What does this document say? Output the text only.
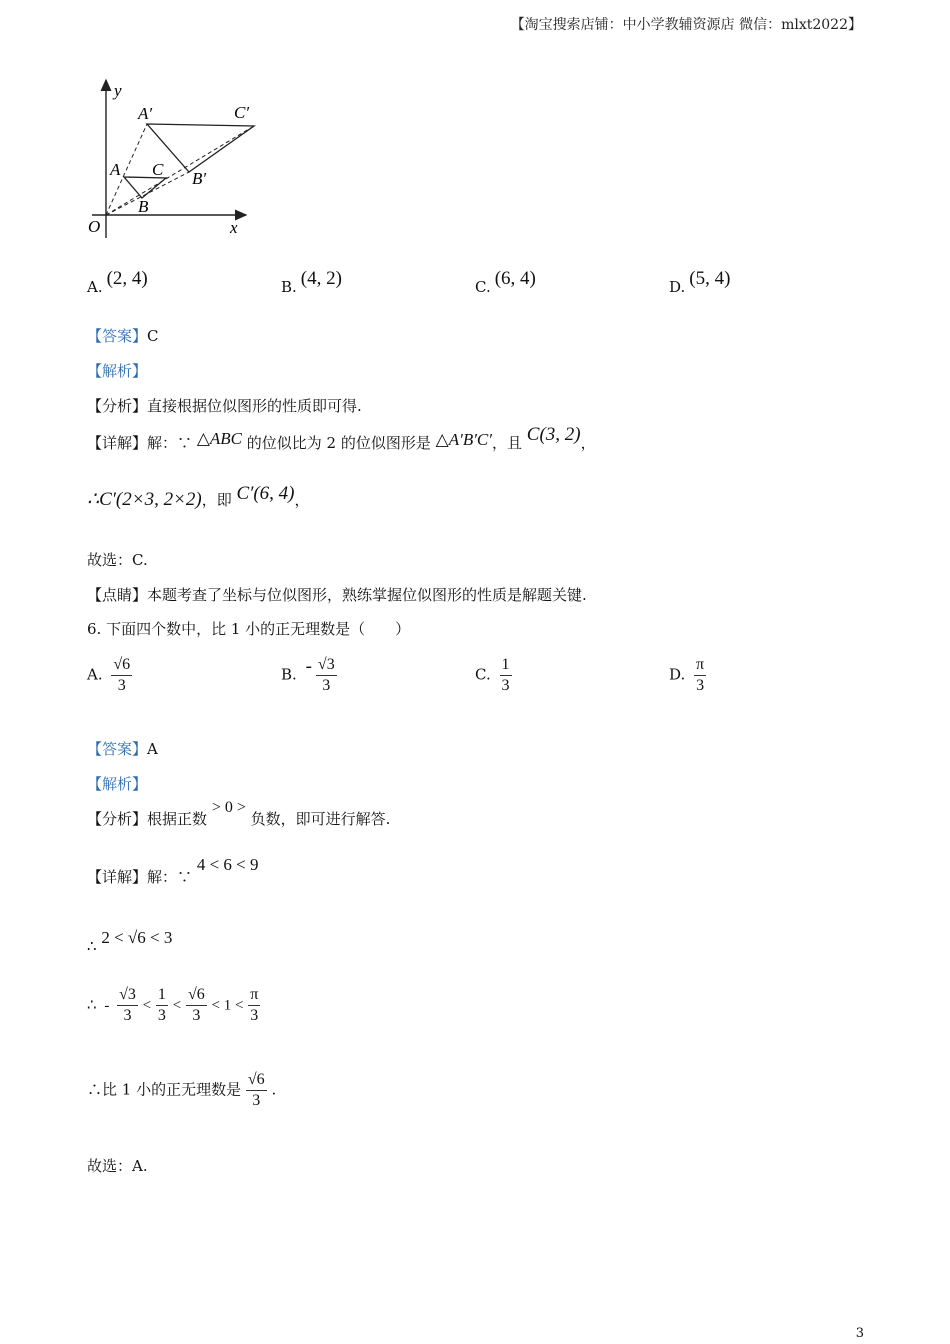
【淘宝搜索店铺：中小学教辅资源店 微信：mlxt2022】
y
x
O
A′	C′
A C B′
B
A. (2, 4)	B. (4, 2)	C. (6, 4)	D. (5, 4)
【答案】C
【解析】
【分析】直接根据位似图形的性质即可得.
【详解】解：∵ △ABC 的位似比为 2 的位似图形是 △A′B′C′，且 C(3, 2)，
∴C′(2×3, 2×2)，即 C′(6, 4)，
故选：C.
【点睛】本题考查了坐标与位似图形，熟练掌握位似图形的性质是解题关键.
6. 下面四个数中，比 1 小的正无理数是（　　）
A. $\frac{√6}{3}$	B. - $\frac{√3}{3}$	C. $\frac{1}{3}$	D. $\frac{\pi}{3}$
【答案】A
【解析】
【分析】根据正数 > 0 > 负数，即可进行解答.
【详解】解：∵ 4 < 6 < 9
∴ 2 < √6 < 3
∴ - $\frac{√3}{3} < \frac{1}{3} < \frac{√6}{3} < 1 < \frac{\pi}{3}$
∴比 1 小的正无理数是 $\frac{√6}{3}$ .
故选：A.
3
